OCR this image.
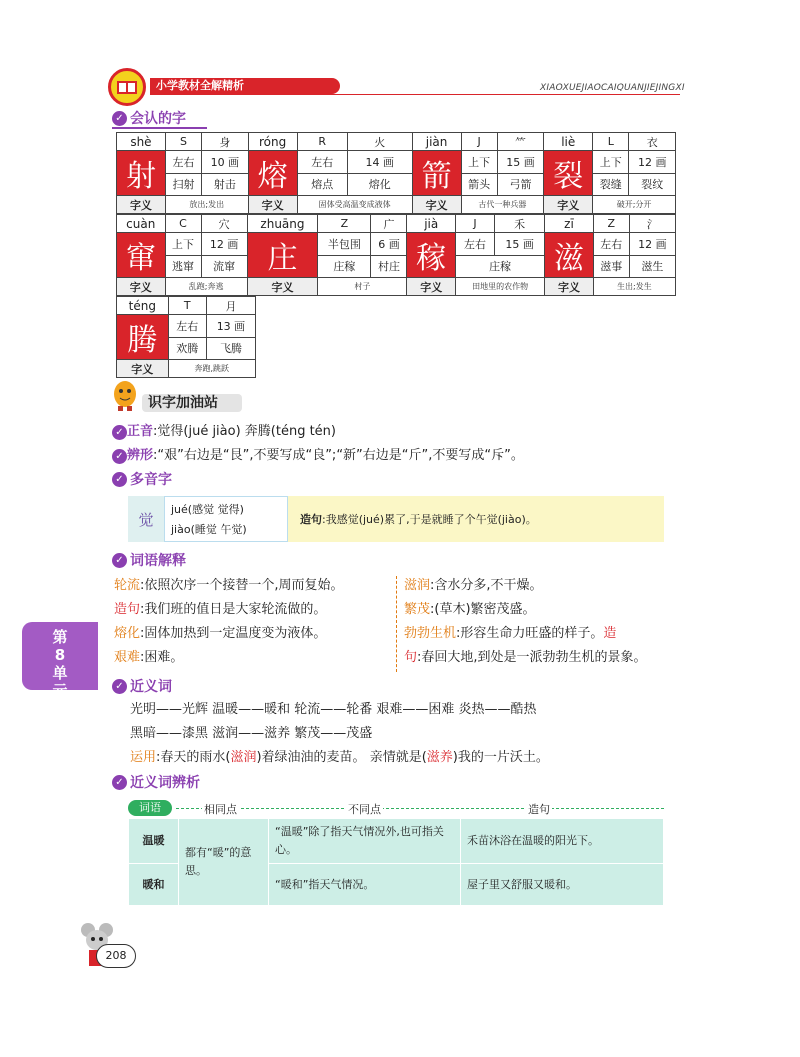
小学教材全解精析	XIAOXUEJIAOCAIQUANJIEJINGXI
✓ 会认的字
shè	S	身	róng	R	火	jiàn	J	⺮	liè	L	衣
射	左右	10 画	熔	左右	14 画	箭	上下	15 画	裂	上下	12 画
	扫射	射击		熔点	熔化		箭头	弓箭		裂缝	裂纹
字义	放出;发出		字义	固体受高温变成液体		字义	古代一种兵器		字义	破开;分开	
cuàn	C	穴	zhuāng	Z	广	jià	J	禾	zī	Z	氵
窜	上下	12 画	庄	半包围	6 画	稼	左右	15 画	滋	左右	12 画
	逃窜	流窜		庄稼	村庄		庄稼			滋事	滋生
字义	乱跑;奔逃		字义	村子		字义	田地里的农作物		字义	生出;发生	
téng	T	月
腾	左右	13 画
	欢腾	飞腾
字义	奔跑,跳跃	
识字加油站
✓ 正音:觉得(jué jiào) 奔腾(téng tén)
✓ 辨形:“艰”右边是“艮”,不要写成“良”;“新”右边是“斤”,不要写成“斥”。
✓ 多音字
觉
jué(感觉 觉得)
jiào(睡觉 午觉)
造句 :我感觉(jué)累了,于是就睡了个午觉(jiào)。
✓ 词语解释
轮流:依照次序一个接替一个,周而复始。
造句:我们班的值日是大家轮流做的。
熔化:固体加热到一定温度变为液体。
艰难:困难。
滋润:含水分多,不干燥。
繁茂:(草木)繁密茂盛。
勃勃生机:形容生命力旺盛的样子。造
句:春回大地,到处是一派勃勃生机的景象。
第
8
单
元	✓ 近义词
光明——光辉 温暖——暖和 轮流——轮番 艰难——困难 炎热——酷热
黑暗——漆黑 滋润——滋养 繁茂——茂盛
运用:春天的雨水(滋润)着绿油油的麦苗。 亲情就是(滋养)我的一片沃土。
✓ 近义词辨析
词语	相同点	不同点	造句
温暖	都有“暖”的意思。	“温暖”除了指天气情况外,也可指关心。	禾苗沐浴在温暖的阳光下。
暖和		“暖和”指天气情况。	屋子里又舒服又暖和。
208
